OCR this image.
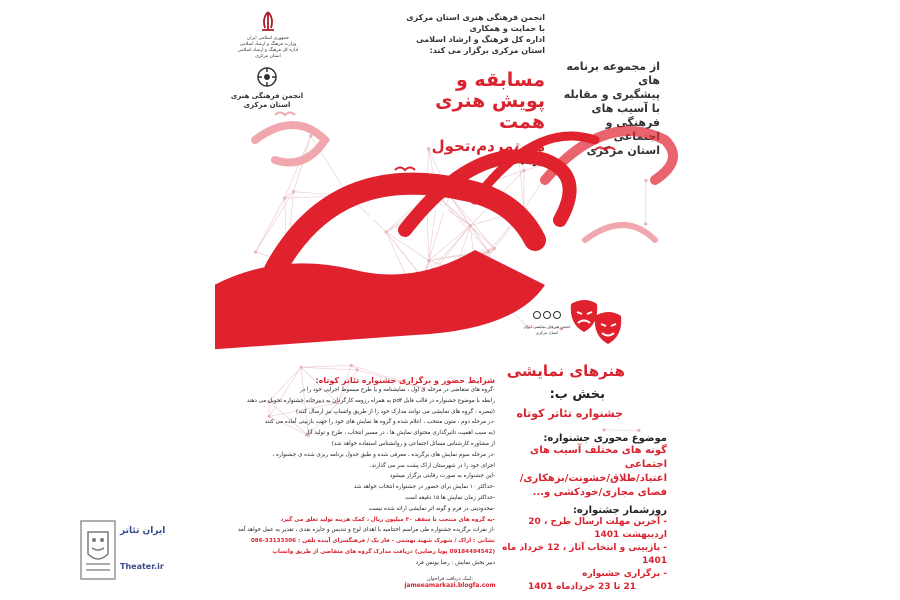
ایران تئاتر
Theater.ir
انجمن فرهنگی هنری استان مرکزی
با حمایت و همکاری
اداره کل فرهنگ و ارشاد اسلامی
استان مرکزی برگزار می کند:
جمهوری اسلامی ایران
وزارت فرهنگ و ارشاد اسلامی
اداره کل فرهنگ و ارشاد اسلامی
استان مرکزی
انجمن فرهنگی هنری
استان مرکزی
مسابقه و
پویش هنری
همت
هنر،مردم،تحول
خرداد ماه ۱۴۰۱
از مجموعه برنامه های
پیشگیری و مقابله
با آسیب های
فرهنگی و اجتماعی
استان مرکزی
انجمن هنرهای نمایشی ایران
استان مرکزی
هنرهای نمایشی
بخش ب:
جشنواره تئاتر کوتاه
شرایط حضور و برگزاری جشنواره تئاتر کوتاه:
-گروه های متقاضی در مرحله ی اول ، نمایشنامه و یا طرح مبسوط اجرایی خود را در
رابطه با موضوع جشنواره در قالب فایل pdf به همراه رزومه کارگردان به دبیرخانه جشنواره تحویل می دهند
(تبصره : گروه های نمایشی می توانند مدارک خود را از طریق واتساپ نیز ارسال کنند)
-در مرحله دوم ، متون منتخب ، اعلام شده و گروه ها نمایش های خود را جهت بازبینی آماده می کنند
(به سبب اهمیت تاثیرگذاری محتوای نمایش ها ، در مسیر انتخاب ، طرح و تولید آثار
از مشاوره کارشناس مسائل اجتماعی و روانشناس استفاده خواهد شد)
-در مرحله سوم نمایش های برگزیده ، معرفی شده و طبق جدول برنامه ریزی شده ی جشنواره ،
اجرای خود را در شهرستان اراک پشت سر می گذارند.
-این جشنواره به صورت رقابتی برگزار میشود
-حداکثر ۱۰ نمایش برای حضور در جشنواره انتخاب خواهد شد
-حداکثر زمان نمایش ها ۱۵ دقیقه است
-محدودیتی در فرم و گونه اثر نمایشی ارائه شده نیست
-به گروه های منتخب تا سقف ۳۰ میلیون ریال ، کمک هزینه تولید تعلق می گیرد
-از نفرات برگزیده جشنواره طی مراسم اختتامیه با اهدای لوح و تندیس و جایزه نقدی ، تقدیر به عمل خواهد آمد
نشانی : اراک / شهرک شهید بهشتی - فاز یک / فرهنگسرای آینده تلفن : 33133306-086
(09184494542 پویا رضایی) دریافت مدارک گروه های متقاضی از طریق واتساپ
دبیر بخش نمایش : رضا یونس فرد
موضوع محوری جشنواره:
گونه های مختلف آسیب های اجتماعی
اعتیاد/طلاق/خشونت/بزهکاری/
فضای مجازی/خودکشی و...
روزشمار جشنواره:
- آخرین مهلت ارسال طرح ، 20 اردیبهشت 1401
- بازبینی و انتخاب آثار ، 12 خرداد ماه 1401
- برگزاری جشنواره
21 تا 23 خردادماه 1401
لینک دریافت فراخوان:
jameeamarkazi.blogfa.com
